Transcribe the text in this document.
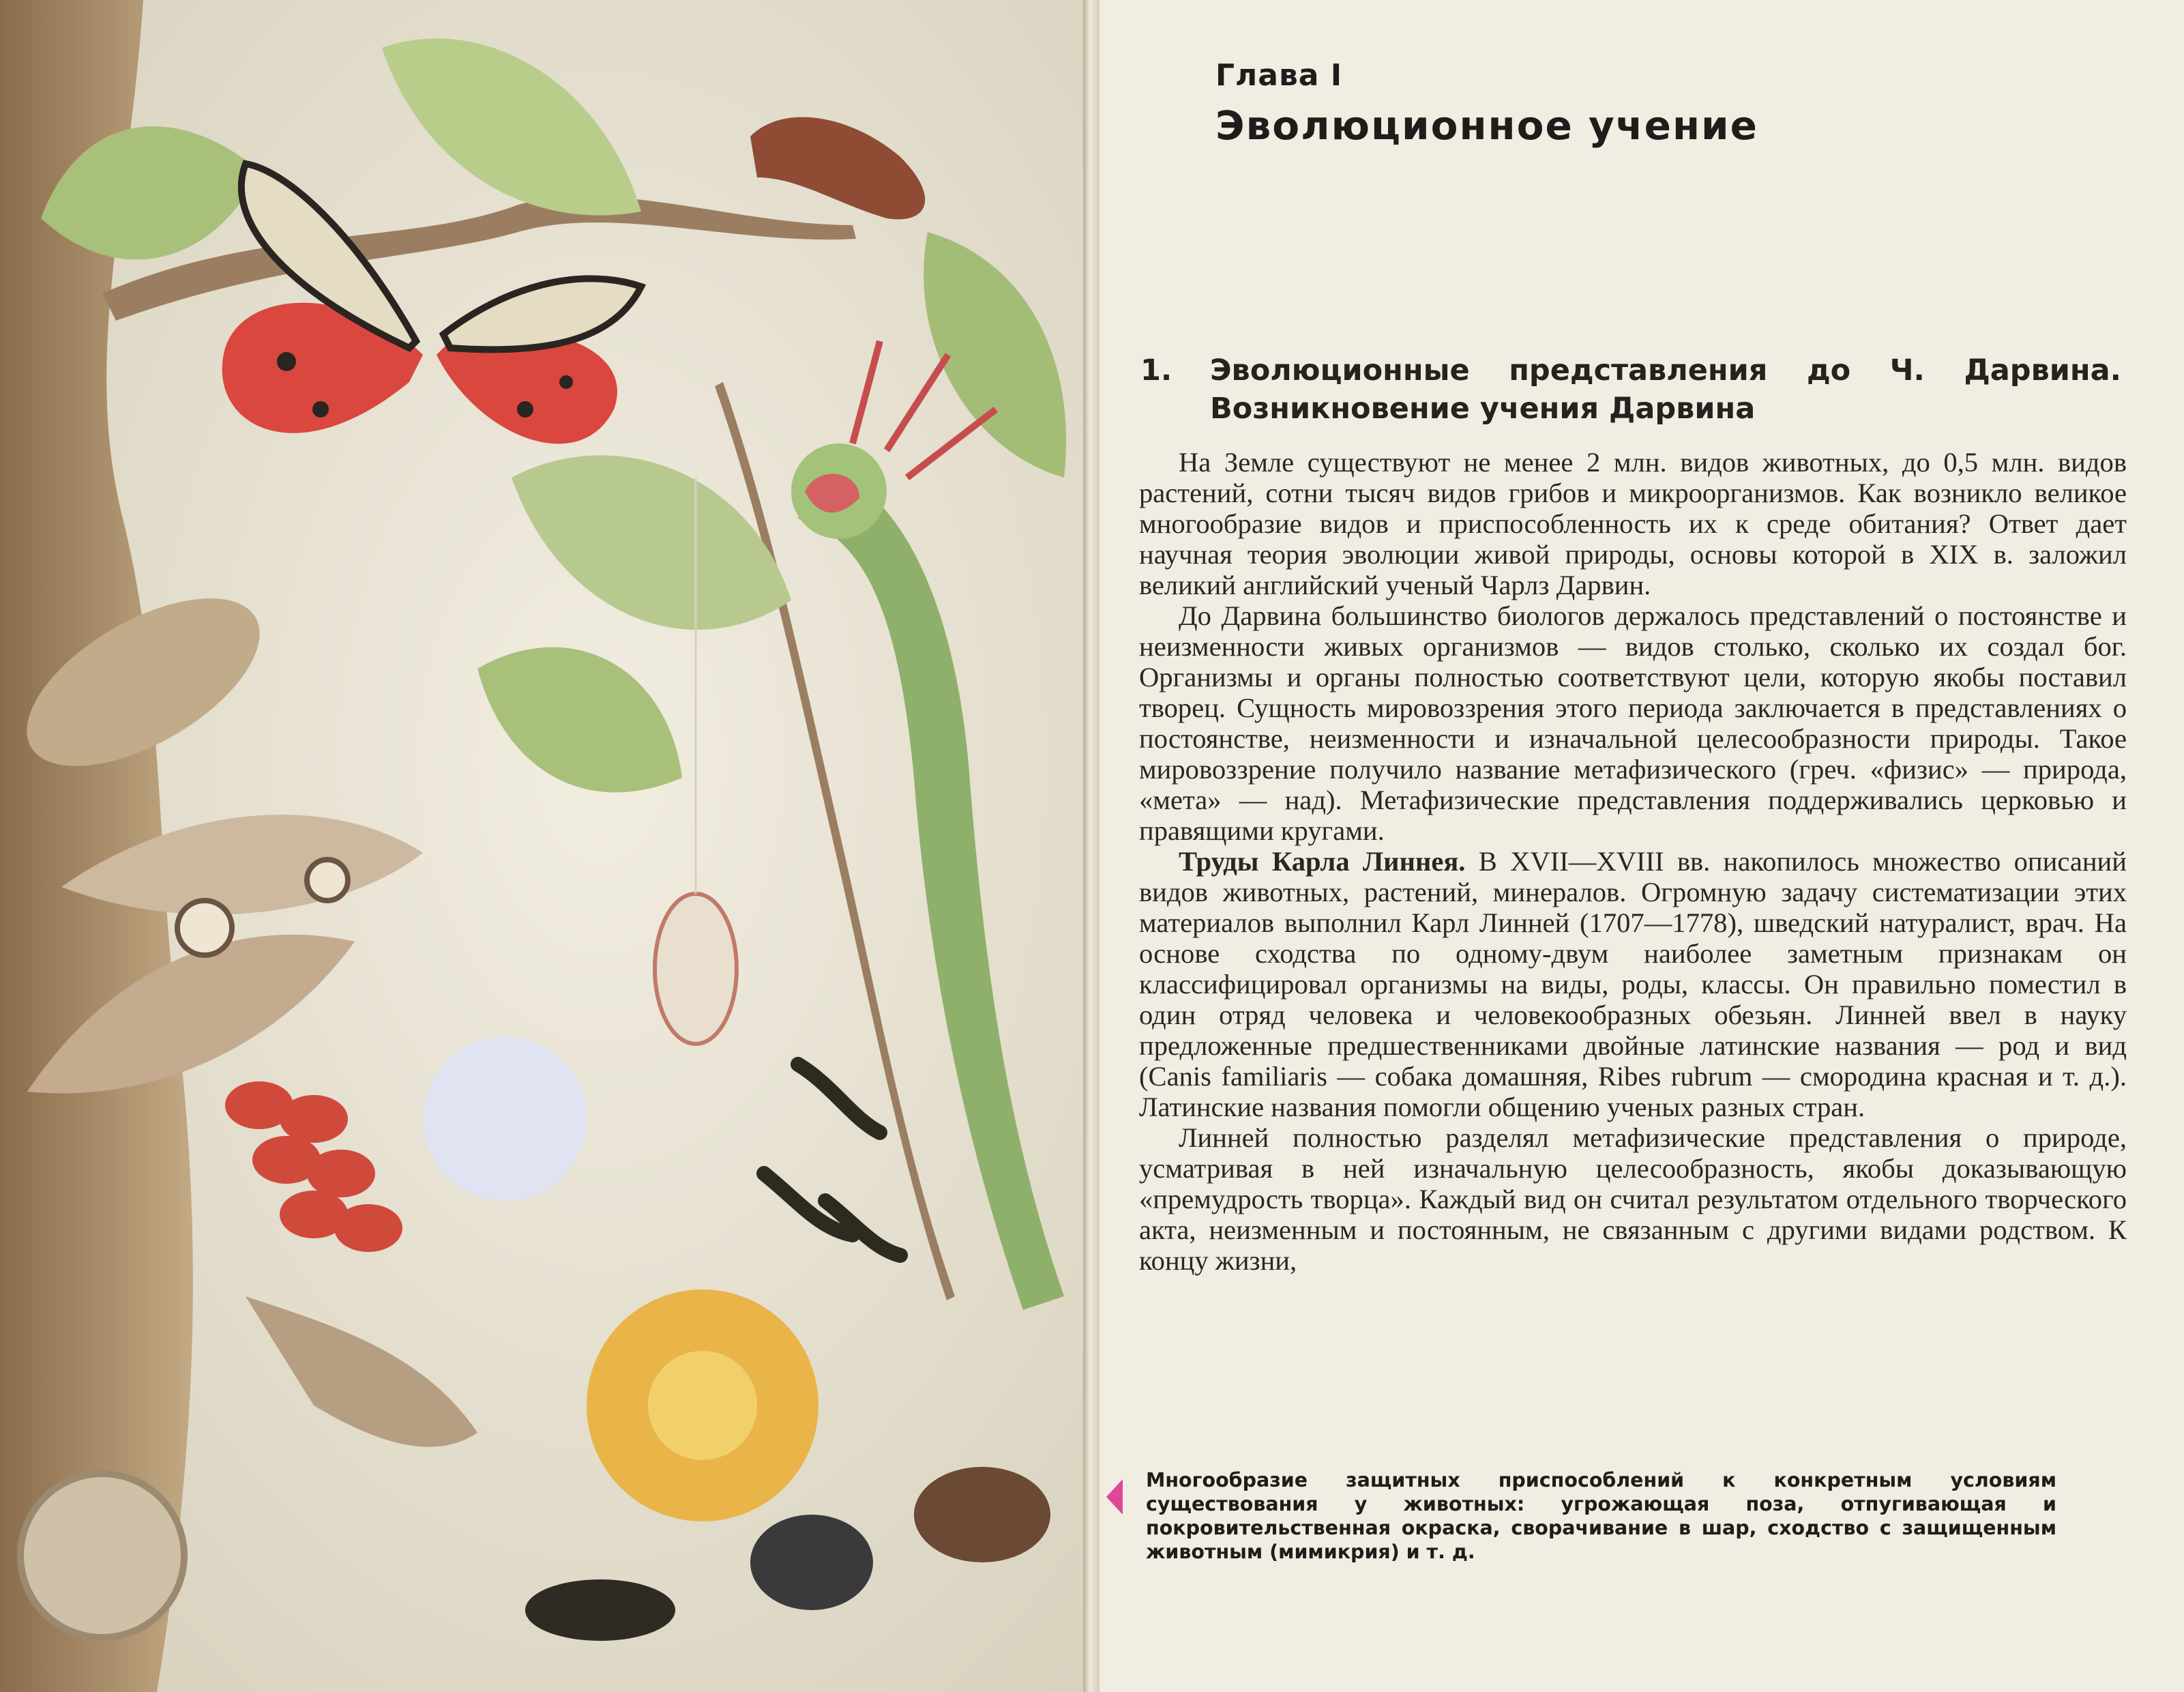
Глава I
Эволюционное учение
1. Эволюционные представления до Ч. Дарвина.
Возникновение учения Дарвина

На Земле существуют не менее 2 млн. видов животных, до 0,5 млн. видов растений, сотни тысяч видов грибов и микроорганизмов. Как возникло великое многообразие видов и приспособленность их к среде обитания? Ответ дает научная теория эволюции живой природы, основы которой в XIX в. заложил великий английский ученый Чарлз Дарвин.

До Дарвина большинство биологов держалось представлений о постоянстве и неизменности живых организмов — видов столько, сколько их создал бог. Организмы и органы полностью соответствуют цели, которую якобы поставил творец. Сущность мировоззрения этого периода заключается в представлениях о постоянстве, неизменности и изначальной целесообразности природы. Такое мировоззрение получило название метафизического (греч. «физис» — природа, «мета» — над). Метафизические представления поддерживались церковью и правящими кругами.

Труды Карла Линнея. В XVII—XVIII вв. накопилось множество описаний видов животных, растений, минералов. Огромную задачу систематизации этих материалов выполнил Карл Линней (1707—1778), шведский натуралист, врач. На основе сходства по одному-двум наиболее заметным признакам он классифицировал организмы на виды, роды, классы. Он правильно поместил в один отряд человека и человекообразных обезьян. Линней ввел в науку предложенные предшественниками двойные латинские названия — род и вид (Canis familiaris — собака домашняя, Ribes rubrum — смородина красная и т. д.). Латинские названия помогли общению ученых разных стран.

Линней полностью разделял метафизические представления о природе, усматривая в ней изначальную целесообразность, якобы доказывающую «премудрость творца». Каждый вид он считал результатом отдельного творческого акта, неизменным и постоянным, не связанным с другими видами родством. К концу жизни,

Многообразие защитных приспособлений к конкретным условиям существования у животных: угрожающая поза, отпугивающая и покровительственная окраска, сворачивание в шар, сходство с защищенным животным (мимикрия) и т. д.
